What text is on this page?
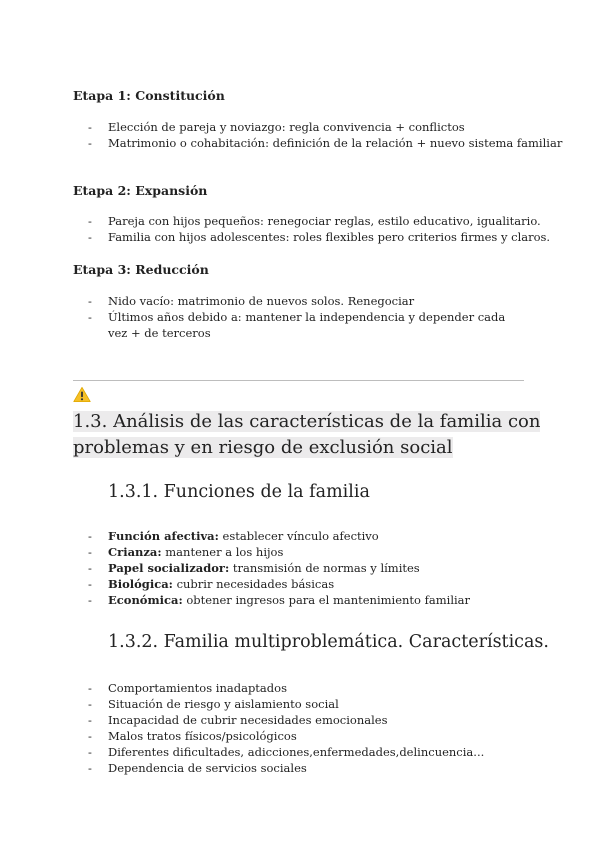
Etapa 1: Constitución
- Elección de pareja y noviazgo: regla convivencia + conflictos
- Matrimonio o cohabitación: definición de la relación + nuevo sistema familiar
Etapa 2: Expansión
- Pareja con hijos pequeños: renegociar reglas, estilo educativo, igualitario.
- Familia con hijos adolescentes: roles flexibles pero criterios firmes y claros.
Etapa 3: Reducción
- Nido vacío: matrimonio de nuevos solos. Renegociar
- Últimos años debido a: mantener la independencia y depender cada vez + de terceros
1.3. Análisis de las características de la familia con problemas y en riesgo de exclusión social
1.3.1. Funciones de la familia
- Función afectiva: establecer vínculo afectivo
- Crianza: mantener a los hijos
- Papel socializador: transmisión de normas y límites
- Biológica: cubrir necesidades básicas
- Económica: obtener ingresos para el mantenimiento familiar
1.3.2. Familia multiproblemática. Características.
- Comportamientos inadaptados
- Situación de riesgo y aislamiento social
- Incapacidad de cubrir necesidades emocionales
- Malos tratos físicos/psicológicos
- Diferentes dificultades, adicciones,enfermedades,delincuencia...
- Dependencia de servicios sociales
